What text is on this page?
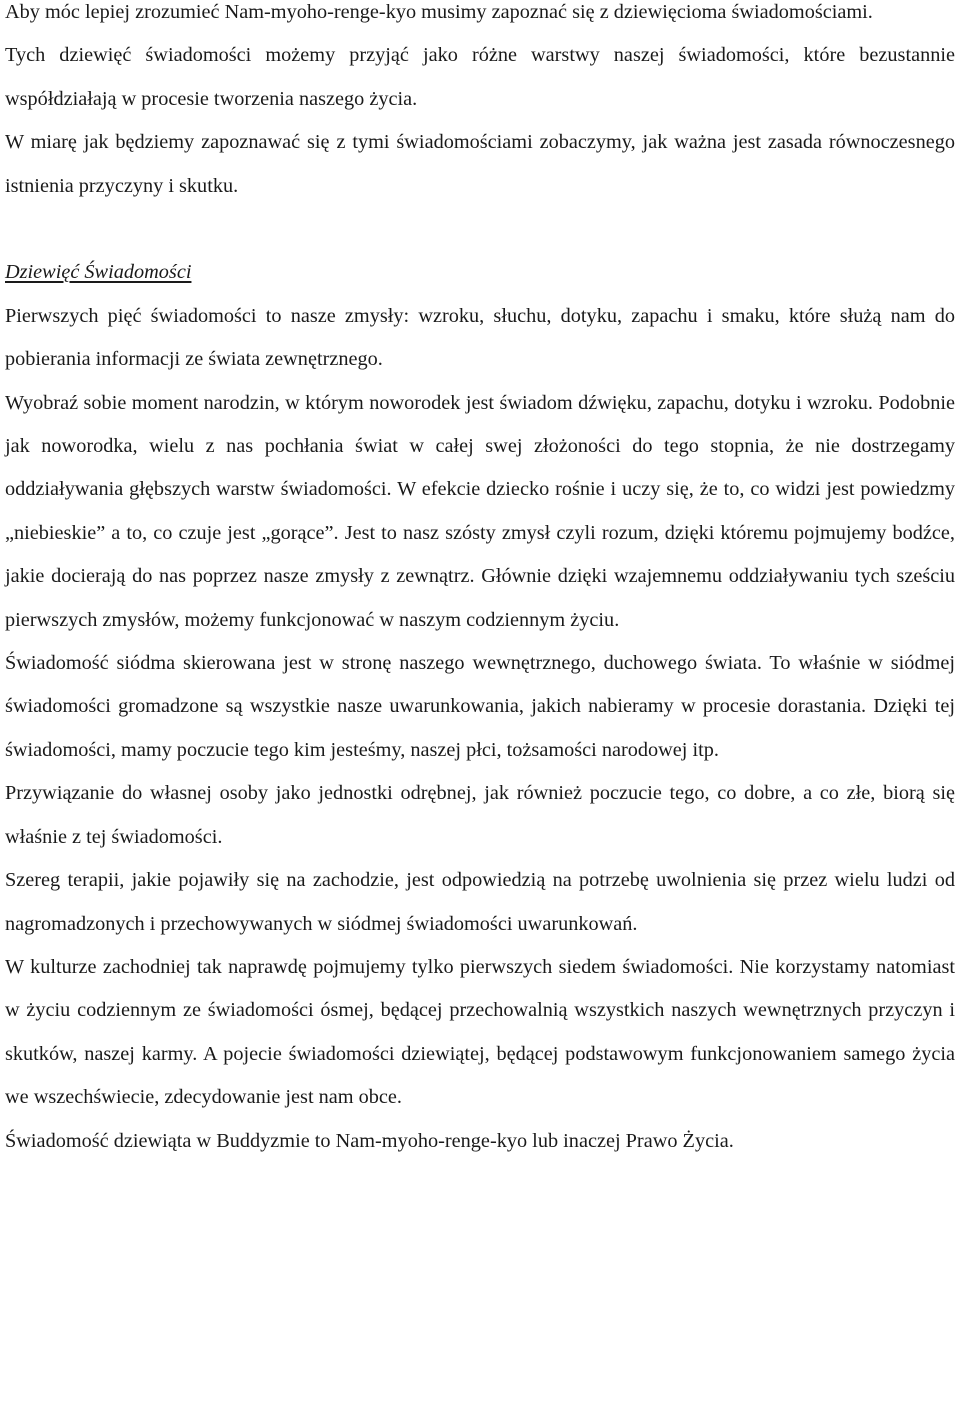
Aby móc lepiej zrozumieć Nam-myoho-renge-kyo musimy zapoznać się z dziewięcioma świadomościami.

Tych dziewięć świadomości możemy przyjąć jako różne warstwy naszej świadomości, które bezustannie współdziałają w procesie tworzenia naszego życia.

W miarę jak będziemy zapoznawać się z tymi świadomościami zobaczymy, jak ważna jest zasada równoczesnego istnienia przyczyny i skutku.

Dziewięć Świadomości

Pierwszych pięć świadomości to nasze zmysły: wzroku, słuchu, dotyku, zapachu i smaku, które służą nam do pobierania informacji ze świata zewnętrznego.

Wyobraź sobie moment narodzin, w którym noworodek jest świadom dźwięku, zapachu, dotyku i wzroku. Podobnie jak noworodka, wielu z nas pochłania świat w całej swej złożoności do tego stopnia, że nie dostrzegamy oddziaływania głębszych warstw świadomości. W efekcie dziecko rośnie i uczy się, że to, co widzi jest powiedzmy „niebieskie” a to, co czuje jest „gorące”. Jest to nasz szósty zmysł czyli rozum, dzięki któremu pojmujemy bodźce, jakie docierają do nas poprzez nasze zmysły z zewnątrz. Głównie dzięki wzajemnemu oddziaływaniu tych sześciu pierwszych zmysłów, możemy funkcjonować w naszym codziennym życiu.

Świadomość siódma skierowana jest w stronę naszego wewnętrznego, duchowego świata. To właśnie w siódmej świadomości gromadzone są wszystkie nasze uwarunkowania, jakich nabieramy w procesie dorastania. Dzięki tej świadomości, mamy poczucie tego kim jesteśmy, naszej płci, tożsamości narodowej itp.

Przywiązanie do własnej osoby jako jednostki odrębnej, jak również poczucie tego, co dobre, a co złe, biorą się właśnie z tej świadomości.

Szereg terapii, jakie pojawiły się na zachodzie, jest odpowiedzią na potrzebę uwolnienia się przez wielu ludzi od nagromadzonych i przechowywanych w siódmej świadomości uwarunkowań.

W kulturze zachodniej tak naprawdę pojmujemy tylko pierwszych siedem świadomości. Nie korzystamy natomiast w życiu codziennym ze świadomości ósmej, będącej przechowalnią wszystkich naszych wewnętrznych przyczyn i skutków, naszej karmy. A pojecie świadomości dziewiątej, będącej podstawowym funkcjonowaniem samego życia we wszechświecie, zdecydowanie jest nam obce.

Świadomość dziewiąta w Buddyzmie to Nam-myoho-renge-kyo lub inaczej Prawo Życia.
